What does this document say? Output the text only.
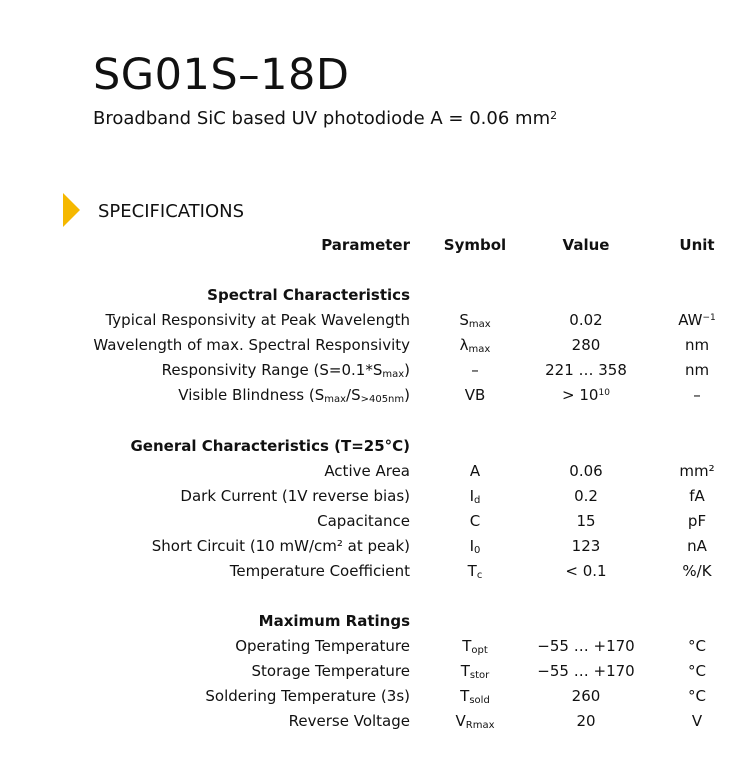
SG01S–18D
Broadband SiC based UV photodiode A = 0.06 $mm^2$
SPECIFICATIONS
Parameter Symbol	Value	Unit
Spectral Characteristics
Typical Responsivity at Peak Wavelength	$S_{max}$	0.02	$AW^{-1}$
Wavelength of max. Spectral Responsivity	$\lambda_{max}$	280	nm
Responsivity Range $(S=0.1*S_{max})$	–	221 … 358	nm
Visible Blindness $(S_{max}/S_{>405nm})$	VB	> $10^{10}$	–
General Characteristics (T=25°C)
Active Area	A	0.06	mm²
Dark Current (1V reverse bias)	$I_d$	0.2	fA
Capacitance	C	15	pF
Short Circuit (10 mW/cm² at peak)	$I_0$	123	nA
Temperature Coefficient	$T_c$	< 0.1	%/K
Maximum Ratings
Operating Temperature	$T_{opt}$	−55 … +170	°C
Storage Temperature	$T_{stor}$	−55 … +170	°C
Soldering Temperature (3s)	$T_{sold}$	260	°C
Reverse Voltage	$V_{Rmax}$	20	V
